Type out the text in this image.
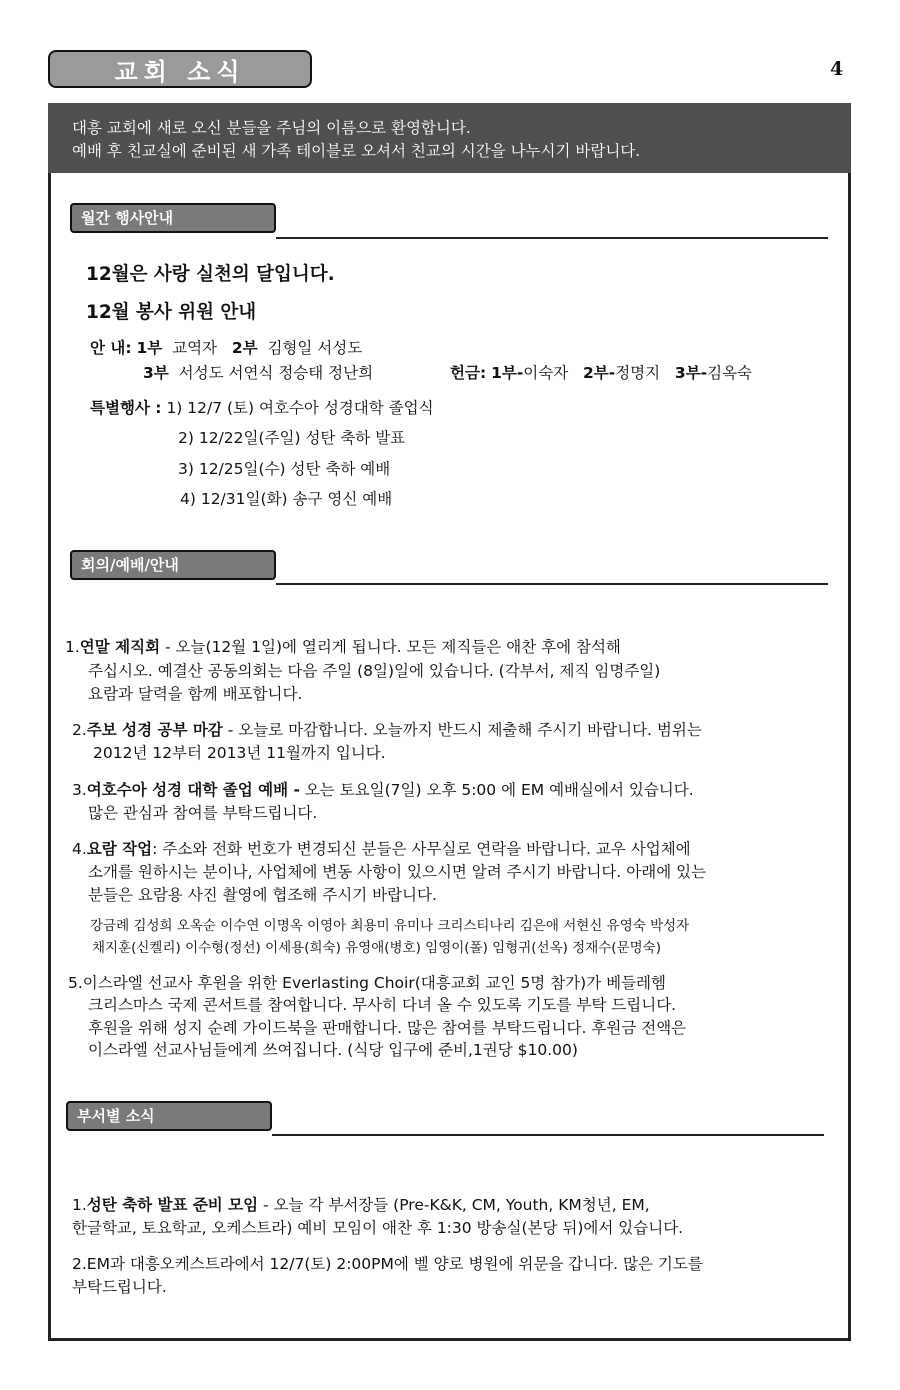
교회 소식	4
대흥 교회에 새로 오신 분들을 주님의 이름으로 환영합니다.
예배 후 친교실에 준비된 새 가족 테이블로 오셔서 친교의 시간을 나누시기 바랍니다.
월간 행사안내
12월은 사랑 실천의 달입니다.
12월 봉사 위원 안내
안 내: 1부 교역자 2부 김형일 서성도
3부 서성도 서연식 정승태 정난희	헌금: 1부-이숙자 2부-정명지 3부-김옥숙
특별행사 : 1) 12/7 (토) 여호수아 성경대학 졸업식
2) 12/22일(주일) 성탄 축하 발표
3) 12/25일(수) 성탄 축하 예배
4) 12/31일(화) 송구 영신 예배
회의/예배/안내
1.연말 제직회 - 오늘(12월 1일)에 열리게 됩니다. 모든 제직들은 애찬 후에 참석해
주십시오. 예결산 공동의회는 다음 주일 (8일)일에 있습니다. (각부서, 제직 임명주일)
요람과 달력을 함께 배포합니다.
2.주보 성경 공부 마감 - 오늘로 마감합니다. 오늘까지 반드시 제출해 주시기 바랍니다. 범위는
2012년 12부터 2013년 11월까지 입니다.
3.여호수아 성경 대학 졸업 예배 - 오는 토요일(7일) 오후 5:00 에 EM 예배실에서 있습니다.
많은 관심과 참여를 부탁드립니다.
4.요람 작업: 주소와 전화 번호가 변경되신 분들은 사무실로 연락을 바랍니다. 교우 사업체에
소개를 원하시는 분이나, 사업체에 변동 사항이 있으시면 알려 주시기 바랍니다. 아래에 있는
분들은 요람용 사진 촬영에 협조해 주시기 바랍니다.
강금례 김성희 오옥순 이수연 이명옥 이영아 최용미 유미나 크리스티나리 김은애 서현신 유영숙 박성자
채지훈(신켈리) 이수형(정선) 이세용(희숙) 유영애(병호) 임영이(폴) 임형귀(선옥) 정재수(문명숙)
5.이스라엘 선교사 후원을 위한 Everlasting Choir(대흥교회 교인 5명 참가)가 베들레헴
크리스마스 국제 콘서트를 참여합니다. 무사히 다녀 올 수 있도록 기도를 부탁 드립니다.
후원을 위해 성지 순례 가이드북을 판매합니다. 많은 참여를 부탁드립니다. 후원금 전액은
이스라엘 선교사님들에게 쓰여집니다. (식당 입구에 준비,1권당 $10.00)
부서별 소식
1.성탄 축하 발표 준비 모임 - 오늘 각 부서장들 (Pre-K&K, CM, Youth, KM청년, EM,
한글학교, 토요학교, 오케스트라) 예비 모임이 애찬 후 1:30 방송실(본당 뒤)에서 있습니다.
2.EM과 대흥오케스트라에서 12/7(토) 2:00PM에 벨 양로 병원에 위문을 갑니다. 많은 기도를
부탁드립니다.
